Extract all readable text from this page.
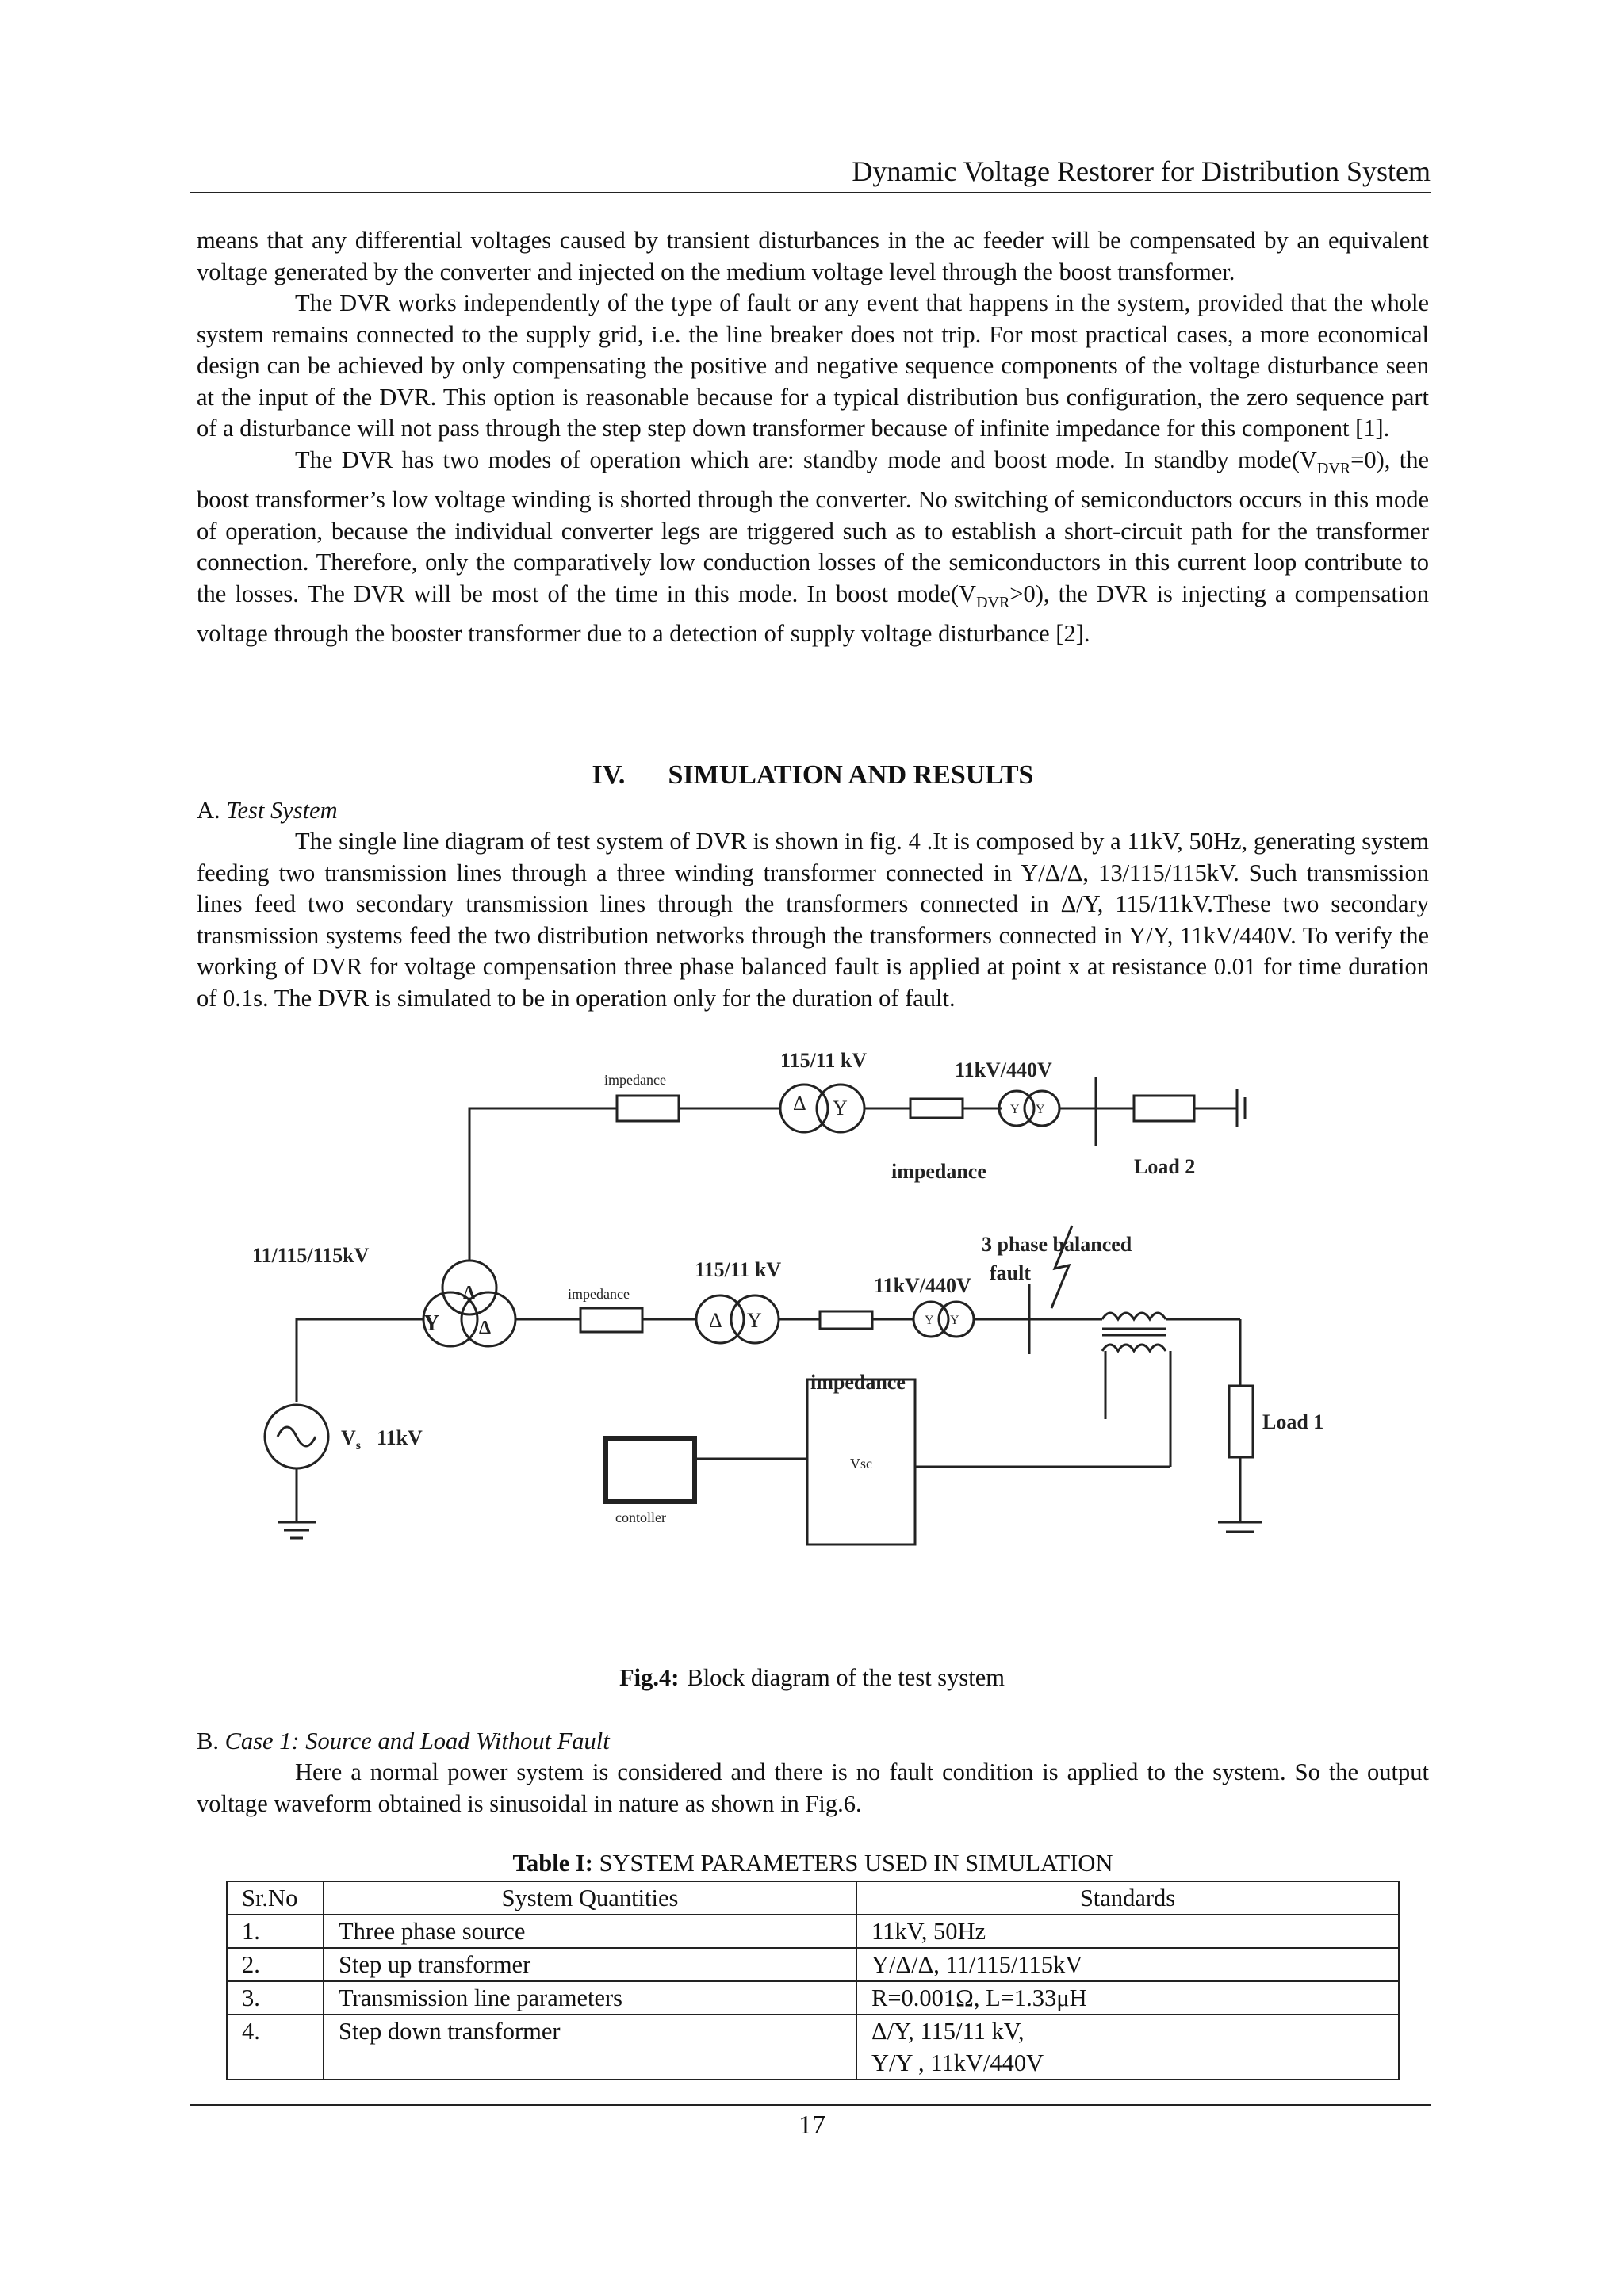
Dynamic Voltage Restorer for Distribution System

means that any differential voltages caused by transient disturbances in the ac feeder will be compensated by an equivalent voltage generated by the converter and injected on the medium voltage level through the boost transformer.

The DVR works independently of the type of fault or any event that happens in the system, provided that the whole system remains connected to the supply grid, i.e. the line breaker does not trip. For most practical cases, a more economical design can be achieved by only compensating the positive and negative sequence components of the voltage disturbance seen at the input of the DVR. This option is reasonable because for a typical distribution bus configuration, the zero sequence part of a disturbance will not pass through the step step down transformer because of infinite impedance for this component [1].

The DVR has two modes of operation which are: standby mode and boost mode. In standby $mode(V_{DVR}=0)$, the boost transformer’s low voltage winding is shorted through the converter. No switching of semiconductors occurs in this mode of operation, because the individual converter legs are triggered such as to establish a short-circuit path for the transformer connection. Therefore, only the comparatively low conduction losses of the semiconductors in this current loop contribute to the losses. The DVR will be most of the time in this mode. In boost $mode(V_{DVR}>0)$, the DVR is injecting a compensation voltage through the booster transformer due to a detection of supply voltage disturbance [2].

IV. SIMULATION AND RESULTS
A. Test System

The single line diagram of test system of DVR is shown in fig. 4 .It is composed by a 11kV, 50Hz, generating system feeding two transmission lines through a three winding transformer connected in Y/Δ/Δ, 13/115/115kV. Such transmission lines feed two secondary transmission lines through the transformers connected in Δ/Y, 115/11kV.These two secondary transmission systems feed the two distribution networks through the transformers connected in Y/Y, 11kV/440V. To verify the working of DVR for voltage compensation three phase balanced fault is applied at point x at resistance 0.01 for time duration of 0.1s. The DVR is simulated to be in operation only for the duration of fault.

impedance
115/11 kV	11kV/440V
Δ Y	Y Y
impedance	Load 2
3 phase balanced
fault
11/115/115kV
Δ
Y Δ
impedance
115/11 kV
11kV/440V
Δ Y	Y Y
impedance
$V_s$ 11kV
Load 1
Vsc
contoller
Fig.4: Block diagram of the test system
B. Case 1: Source and Load Without Fault

Here a normal power system is considered and there is no fault condition is applied to the system. So the output voltage waveform obtained is sinusoidal in nature as shown in Fig.6.

Table I: SYSTEM PARAMETERS USED IN SIMULATION
Sr.No	System Quantities	Standards
1.	Three phase source	11kV, 50Hz
2.	Step up transformer	Y/Δ/Δ, 11/115/115kV
3.	Transmission line parameters	R=0.001Ω, L=1.33μH
4.	Step down transformer	Δ/Y, 115/11 kV,
Y/Y , 11kV/440V
17
